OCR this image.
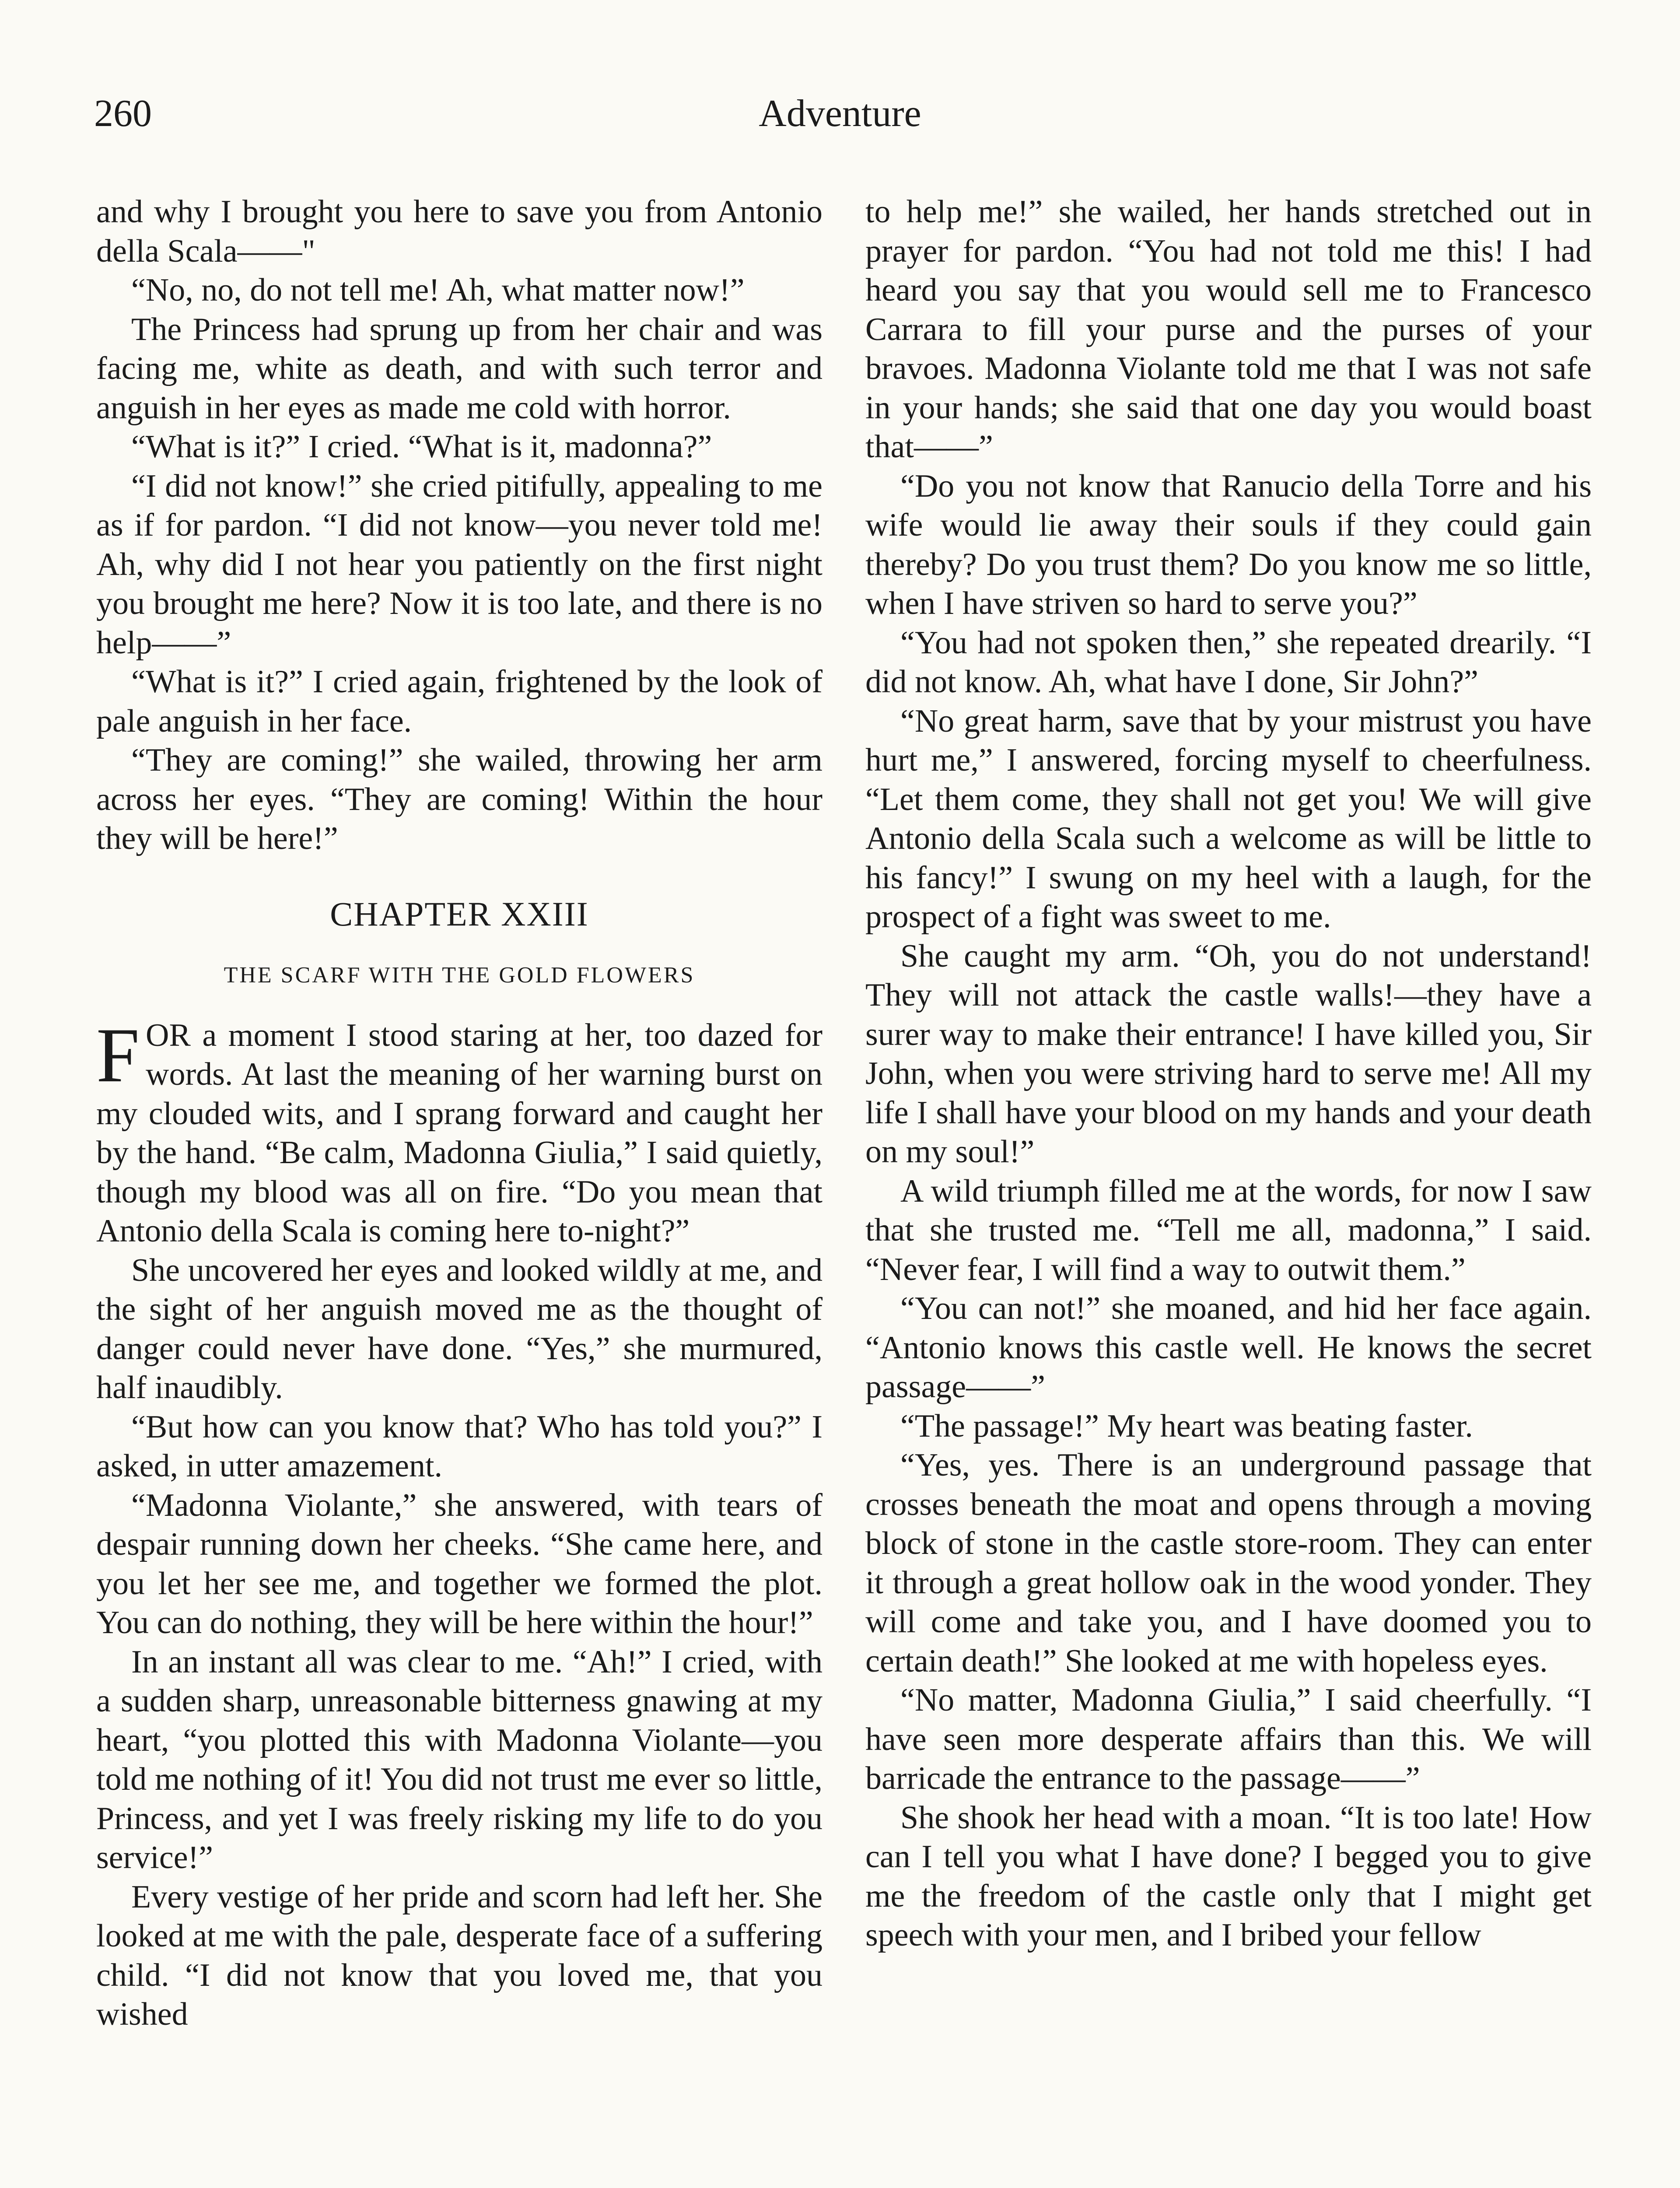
260	Adventure

and why I brought you here to save you from Antonio della Scala——"

“No, no, do not tell me! Ah, what matter now!”

The Princess had sprung up from her chair and was facing me, white as death, and with such terror and anguish in her eyes as made me cold with horror.

“What is it?” I cried. “What is it, madonna?”

“I did not know!” she cried pitifully, appealing to me as if for pardon. “I did not know—you never told me! Ah, why did I not hear you patiently on the first night you brought me here? Now it is too late, and there is no help——”

“What is it?” I cried again, frightened by the look of pale anguish in her face.

“They are coming!” she wailed, throwing her arm across her eyes. “They are coming! Within the hour they will be here!”

CHAPTER XXIII
THE SCARF WITH THE GOLD FLOWERS

FOR a moment I stood staring at her, too dazed for words. At last the meaning of her warning burst on my clouded wits, and I sprang forward and caught her by the hand. “Be calm, Madonna Giulia,” I said quietly, though my blood was all on fire. “Do you mean that Antonio della Scala is coming here to-night?”

She uncovered her eyes and looked wildly at me, and the sight of her anguish moved me as the thought of danger could never have done. “Yes,” she murmured, half inaudibly.

“But how can you know that? Who has told you?” I asked, in utter amazement.

“Madonna Violante,” she answered, with tears of despair running down her cheeks. “She came here, and you let her see me, and together we formed the plot. You can do nothing, they will be here within the hour!”

In an instant all was clear to me. “Ah!” I cried, with a sudden sharp, unreasonable bitterness gnawing at my heart, “you plotted this with Madonna Violante—you told me nothing of it! You did not trust me ever so little, Princess, and yet I was freely risking my life to do you service!”

Every vestige of her pride and scorn had left her. She looked at me with the pale, desperate face of a suffering child. “I did not know that you loved me, that you wished

to help me!” she wailed, her hands stretched out in prayer for pardon. “You had not told me this! I had heard you say that you would sell me to Francesco Carrara to fill your purse and the purses of your bravoes. Madonna Violante told me that I was not safe in your hands; she said that one day you would boast that——”

“Do you not know that Ranucio della Torre and his wife would lie away their souls if they could gain thereby? Do you trust them? Do you know me so little, when I have striven so hard to serve you?”

“You had not spoken then,” she repeated drearily. “I did not know. Ah, what have I done, Sir John?”

“No great harm, save that by your mistrust you have hurt me,” I answered, forcing myself to cheerfulness. “Let them come, they shall not get you! We will give Antonio della Scala such a welcome as will be little to his fancy!” I swung on my heel with a laugh, for the prospect of a fight was sweet to me.

She caught my arm. “Oh, you do not understand! They will not attack the castle walls!—they have a surer way to make their entrance! I have killed you, Sir John, when you were striving hard to serve me! All my life I shall have your blood on my hands and your death on my soul!”

A wild triumph filled me at the words, for now I saw that she trusted me. “Tell me all, madonna,” I said. “Never fear, I will find a way to outwit them.”

“You can not!” she moaned, and hid her face again. “Antonio knows this castle well. He knows the secret passage——”

“The passage!” My heart was beating faster.

“Yes, yes. There is an underground passage that crosses beneath the moat and opens through a moving block of stone in the castle store-room. They can enter it through a great hollow oak in the wood yonder. They will come and take you, and I have doomed you to certain death!” She looked at me with hopeless eyes.

“No matter, Madonna Giulia,” I said cheerfully. “I have seen more desperate affairs than this. We will barricade the entrance to the passage——”

She shook her head with a moan. “It is too late! How can I tell you what I have done? I begged you to give me the freedom of the castle only that I might get speech with your men, and I bribed your fellow
